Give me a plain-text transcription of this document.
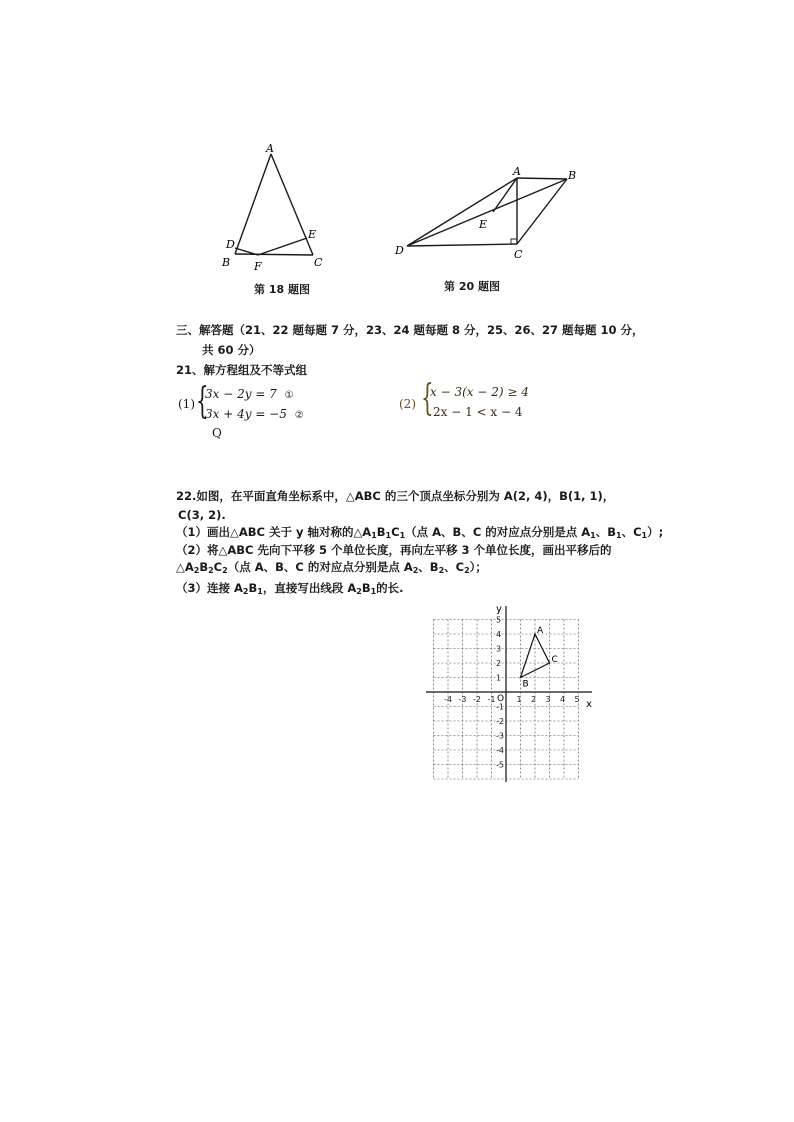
A
D
E
B F	C
第 18 题图
A	B
E
D	C
第 20 题图
三、解答题（21、22 题每题 7 分，23、24 题每题 8 分，25、26、27 题每题 10 分，
共 60 分）
21、解方程组及不等式组
(1) {
3x − 2y = 7 ①
3x + 4y = −5 ②
Q
(2) {
x − 3(x − 2) ≥ 4
2x − 1 < x − 4
22.如图，在平面直角坐标系中，△ABC 的三个顶点坐标分别为 A(2, 4)，B(1, 1)，
C(3, 2).
（1）画出△ABC 关于 y 轴对称的$\triangle A_1B_1C_1$（点 A、B、C 的对应点分别是点 $A_1$、$B_1$、$C_1$）;
（2）将△ABC 先向下平移 5 个单位长度，再向左平移 3 个单位长度，画出平移后的
$\triangle A_2B_2C_2$（点 A、B、C 的对应点分别是点 $A_2$、$B_2$、$C_2$）；
（3）连接 $A_2B_1$，直接写出线段 $A_2B_1$的长.
-4 -3 -2 -1	1 2 3 4 5
5
4
3
2
1
-1
-2
-3
-4
-5
A
B
C
x
y
O
